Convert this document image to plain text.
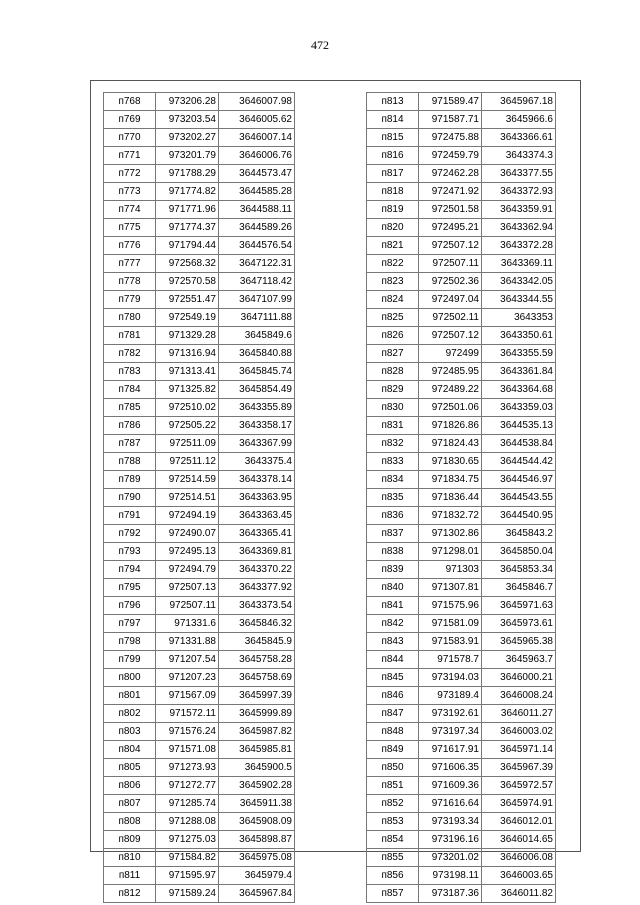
472
п768	973206.28	3646007.98
п769	973203.54	3646005.62
п770	973202.27	3646007.14
п771	973201.79	3646006.76
п772	971788.29	3644573.47
п773	971774.82	3644585.28
п774	971771.96	3644588.11
п775	971774.37	3644589.26
п776	971794.44	3644576.54
п777	972568.32	3647122.31
п778	972570.58	3647118.42
п779	972551.47	3647107.99
п780	972549.19	3647111.88
п781	971329.28	3645849.6
п782	971316.94	3645840.88
п783	971313.41	3645845.74
п784	971325.82	3645854.49
п785	972510.02	3643355.89
п786	972505.22	3643358.17
п787	972511.09	3643367.99
п788	972511.12	3643375.4
п789	972514.59	3643378.14
п790	972514.51	3643363.95
п791	972494.19	3643363.45
п792	972490.07	3643365.41
п793	972495.13	3643369.81
п794	972494.79	3643370.22
п795	972507.13	3643377.92
п796	972507.11	3643373.54
п797	971331.6	3645846.32
п798	971331.88	3645845.9
п799	971207.54	3645758.28
п800	971207.23	3645758.69
п801	971567.09	3645997.39
п802	971572.11	3645999.89
п803	971576.24	3645987.82
п804	971571.08	3645985.81
п805	971273.93	3645900.5
п806	971272.77	3645902.28
п807	971285.74	3645911.38
п808	971288.08	3645908.09
п809	971275.03	3645898.87
п810	971584.82	3645975.08
п811	971595.97	3645979.4
п812	971589.24	3645967.84
п813	971589.47	3645967.18
п814	971587.71	3645966.6
п815	972475.88	3643366.61
п816	972459.79	3643374.3
п817	972462.28	3643377.55
п818	972471.92	3643372.93
п819	972501.58	3643359.91
п820	972495.21	3643362.94
п821	972507.12	3643372.28
п822	972507.11	3643369.11
п823	972502.36	3643342.05
п824	972497.04	3643344.55
п825	972502.11	3643353
п826	972507.12	3643350.61
п827	972499	3643355.59
п828	972485.95	3643361.84
п829	972489.22	3643364.68
п830	972501.06	3643359.03
п831	971826.86	3644535.13
п832	971824.43	3644538.84
п833	971830.65	3644544.42
п834	971834.75	3644546.97
п835	971836.44	3644543.55
п836	971832.72	3644540.95
п837	971302.86	3645843.2
п838	971298.01	3645850.04
п839	971303	3645853.34
п840	971307.81	3645846.7
п841	971575.96	3645971.63
п842	971581.09	3645973.61
п843	971583.91	3645965.38
п844	971578.7	3645963.7
п845	973194.03	3646000.21
п846	973189.4	3646008.24
п847	973192.61	3646011.27
п848	973197.34	3646003.02
п849	971617.91	3645971.14
п850	971606.35	3645967.39
п851	971609.36	3645972.57
п852	971616.64	3645974.91
п853	973193.34	3646012.01
п854	973196.16	3646014.65
п855	973201.02	3646006.08
п856	973198.11	3646003.65
п857	973187.36	3646011.82
